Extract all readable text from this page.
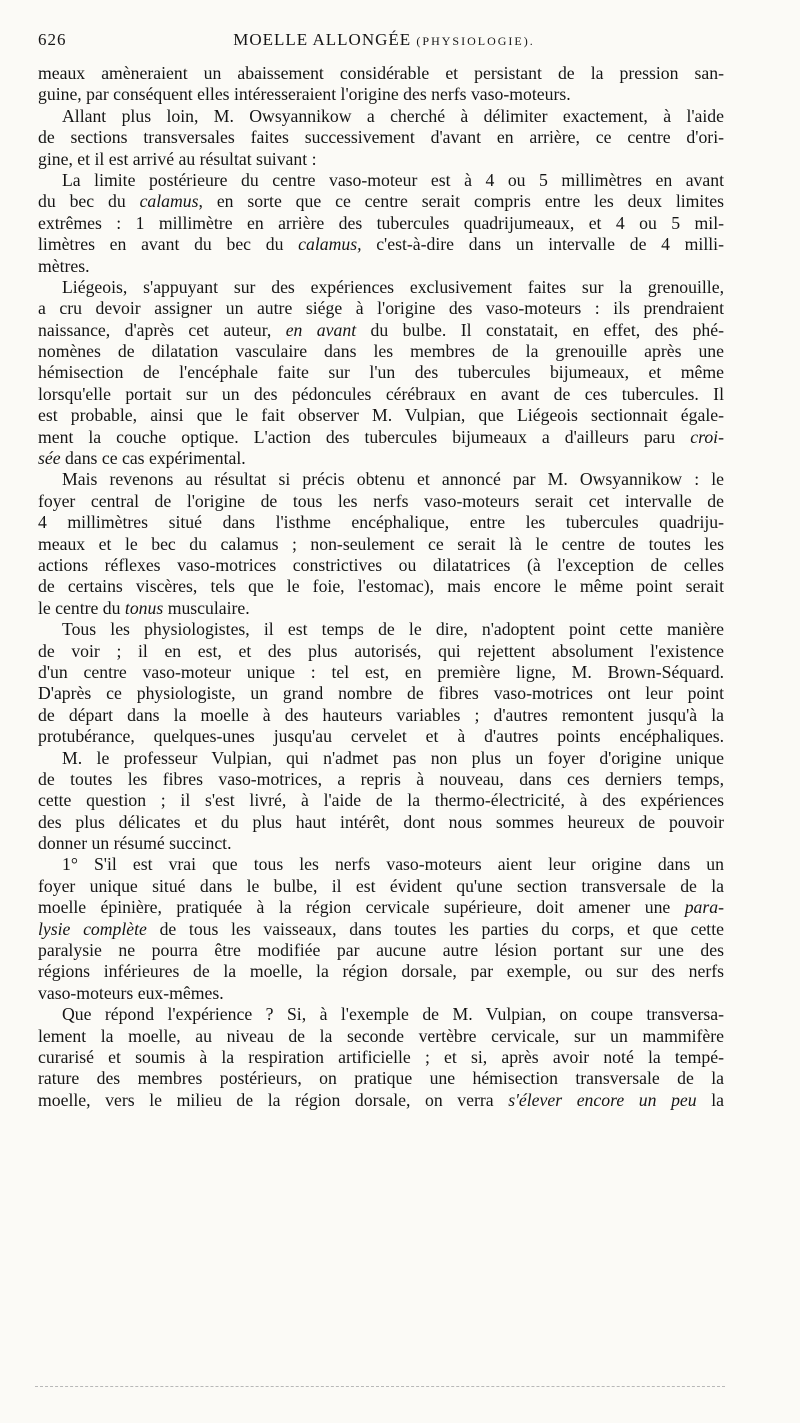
626	MOELLE ALLONGÉE (PHYSIOLOGIE).
meaux amèneraient un abaissement considérable et persistant de la pression san-
guine, par conséquent elles intéresseraient l'origine des nerfs vaso-moteurs.
Allant plus loin, M. Owsyannikow a cherché à délimiter exactement, à l'aide
de sections transversales faites successivement d'avant en arrière, ce centre d'ori-
gine, et il est arrivé au résultat suivant :
La limite postérieure du centre vaso-moteur est à 4 ou 5 millimètres en avant
du bec du calamus, en sorte que ce centre serait compris entre les deux limites
extrêmes : 1 millimètre en arrière des tubercules quadrijumeaux, et 4 ou 5 mil-
limètres en avant du bec du calamus, c'est-à-dire dans un intervalle de 4 milli-
mètres.
Liégeois, s'appuyant sur des expériences exclusivement faites sur la grenouille,
a cru devoir assigner un autre siége à l'origine des vaso-moteurs : ils prendraient
naissance, d'après cet auteur, en avant du bulbe. Il constatait, en effet, des phé-
nomènes de dilatation vasculaire dans les membres de la grenouille après une
hémisection de l'encéphale faite sur l'un des tubercules bijumeaux, et même
lorsqu'elle portait sur un des pédoncules cérébraux en avant de ces tubercules. Il
est probable, ainsi que le fait observer M. Vulpian, que Liégeois sectionnait égale-
ment la couche optique. L'action des tubercules bijumeaux a d'ailleurs paru croi-
sée dans ce cas expérimental.
Mais revenons au résultat si précis obtenu et annoncé par M. Owsyannikow : le
foyer central de l'origine de tous les nerfs vaso-moteurs serait cet intervalle de
4 millimètres situé dans l'isthme encéphalique, entre les tubercules quadriju-
meaux et le bec du calamus ; non-seulement ce serait là le centre de toutes les
actions réflexes vaso-motrices constrictives ou dilatatrices (à l'exception de celles
de certains viscères, tels que le foie, l'estomac), mais encore le même point serait
le centre du tonus musculaire.
Tous les physiologistes, il est temps de le dire, n'adoptent point cette manière
de voir ; il en est, et des plus autorisés, qui rejettent absolument l'existence
d'un centre vaso-moteur unique : tel est, en première ligne, M. Brown-Séquard.
D'après ce physiologiste, un grand nombre de fibres vaso-motrices ont leur point
de départ dans la moelle à des hauteurs variables ; d'autres remontent jusqu'à la
protubérance, quelques-unes jusqu'au cervelet et à d'autres points encéphaliques.
M. le professeur Vulpian, qui n'admet pas non plus un foyer d'origine unique
de toutes les fibres vaso-motrices, a repris à nouveau, dans ces derniers temps,
cette question ; il s'est livré, à l'aide de la thermo-électricité, à des expériences
des plus délicates et du plus haut intérêt, dont nous sommes heureux de pouvoir
donner un résumé succinct.
1° S'il est vrai que tous les nerfs vaso-moteurs aient leur origine dans un
foyer unique situé dans le bulbe, il est évident qu'une section transversale de la
moelle épinière, pratiquée à la région cervicale supérieure, doit amener une para-
lysie complète de tous les vaisseaux, dans toutes les parties du corps, et que cette
paralysie ne pourra être modifiée par aucune autre lésion portant sur une des
régions inférieures de la moelle, la région dorsale, par exemple, ou sur des nerfs
vaso-moteurs eux-mêmes.
Que répond l'expérience ? Si, à l'exemple de M. Vulpian, on coupe transversa-
lement la moelle, au niveau de la seconde vertèbre cervicale, sur un mammifère
curarisé et soumis à la respiration artificielle ; et si, après avoir noté la tempé-
rature des membres postérieurs, on pratique une hémisection transversale de la
moelle, vers le milieu de la région dorsale, on verra s'élever encore un peu la
